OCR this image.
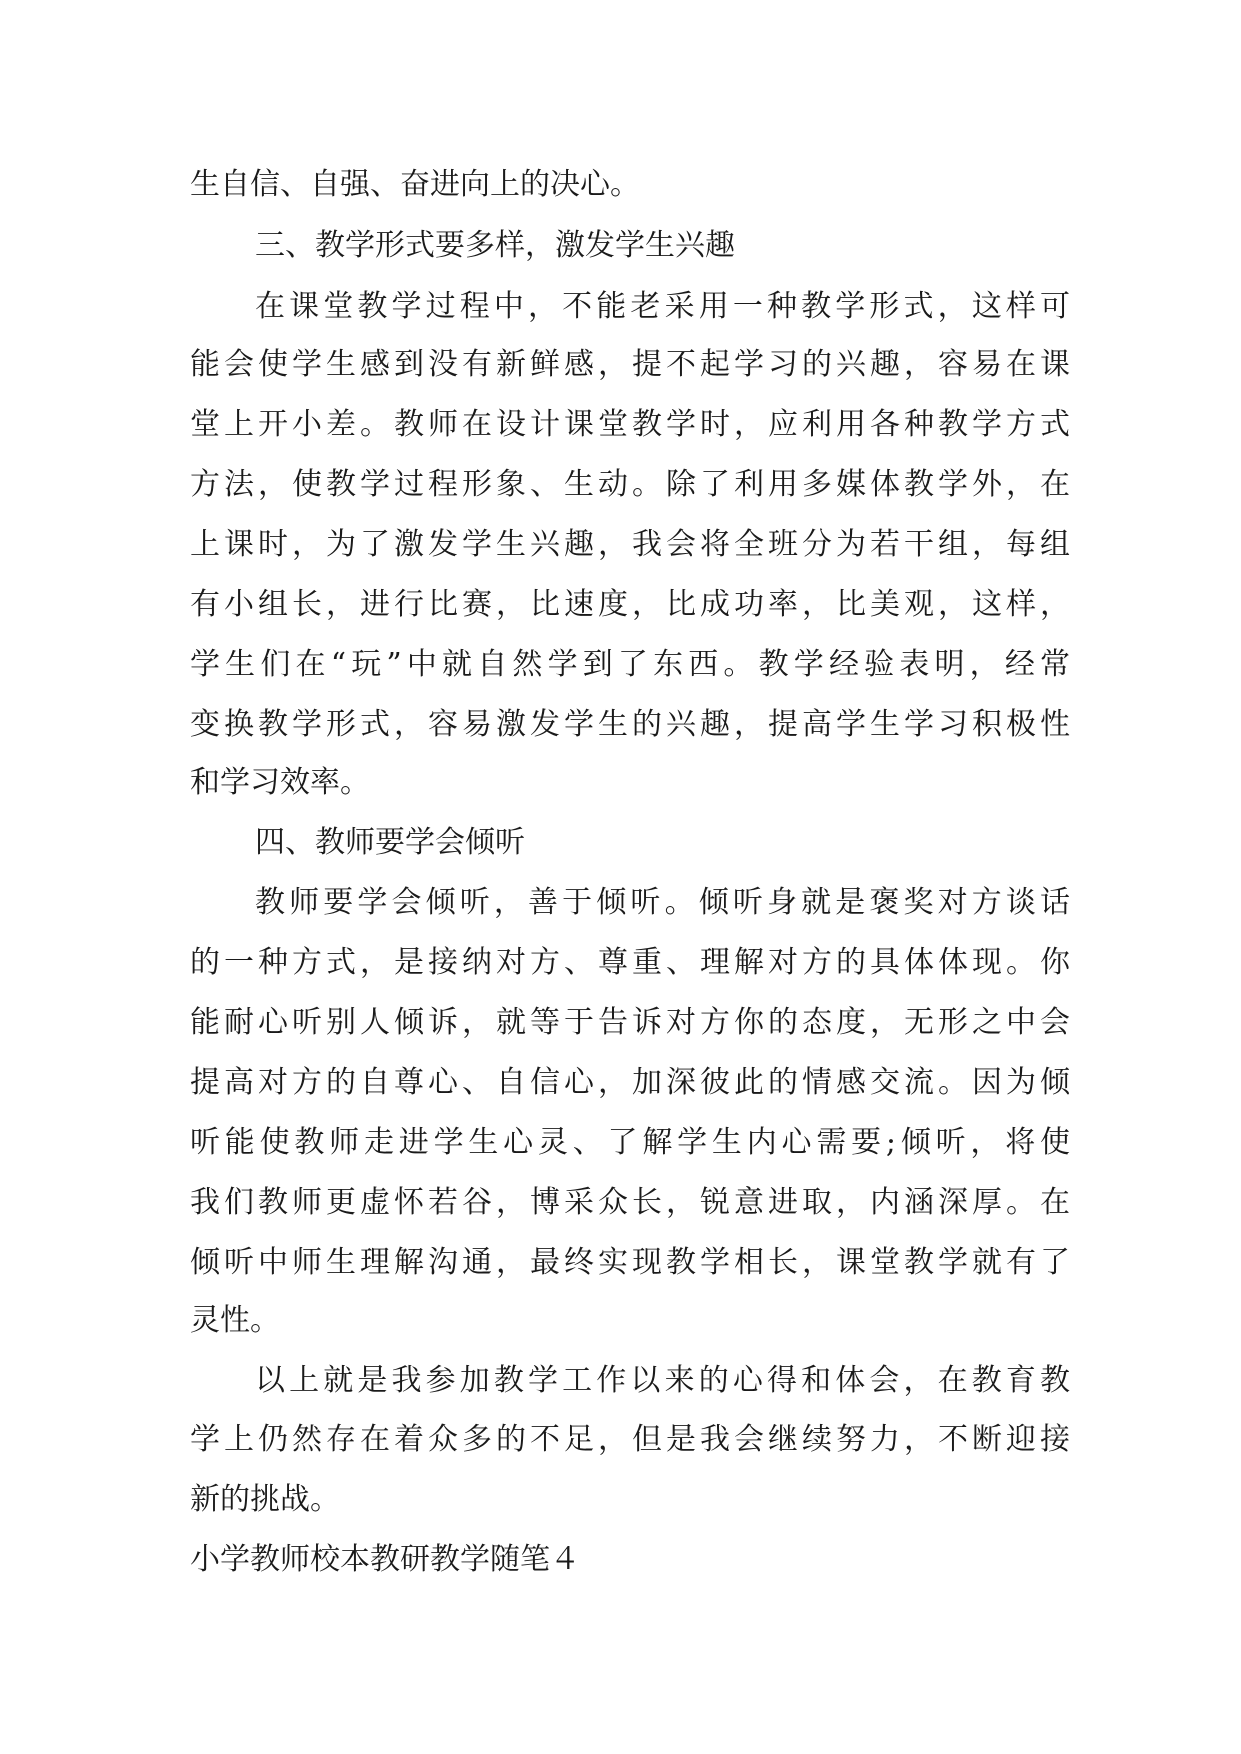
生自信、自强、奋进向上的决心。
三、教学形式要多样，激发学生兴趣
在课堂教学过程中，不能老采用一种教学形式，这样可
能会使学生感到没有新鲜感，提不起学习的兴趣，容易在课
堂上开小差。教师在设计课堂教学时，应利用各种教学方式
方法，使教学过程形象、生动。除了利用多媒体教学外，在
上课时，为了激发学生兴趣，我会将全班分为若干组，每组
有小组长，进行比赛，比速度，比成功率，比美观，这样，
学生们在“玩”中就自然学到了东西。教学经验表明，经常
变换教学形式，容易激发学生的兴趣，提高学生学习积极性
和学习效率。
四、教师要学会倾听
教师要学会倾听，善于倾听。倾听身就是褒奖对方谈话
的一种方式，是接纳对方、尊重、理解对方的具体体现。你
能耐心听别人倾诉，就等于告诉对方你的态度，无形之中会
提高对方的自尊心、自信心，加深彼此的情感交流。因为倾
听能使教师走进学生心灵、了解学生内心需要;倾听，将使
我们教师更虚怀若谷，博采众长，锐意进取，内涵深厚。在
倾听中师生理解沟通，最终实现教学相长，课堂教学就有了
灵性。
以上就是我参加教学工作以来的心得和体会，在教育教
学上仍然存在着众多的不足，但是我会继续努力，不断迎接
新的挑战。
小学教师校本教研教学随笔４
